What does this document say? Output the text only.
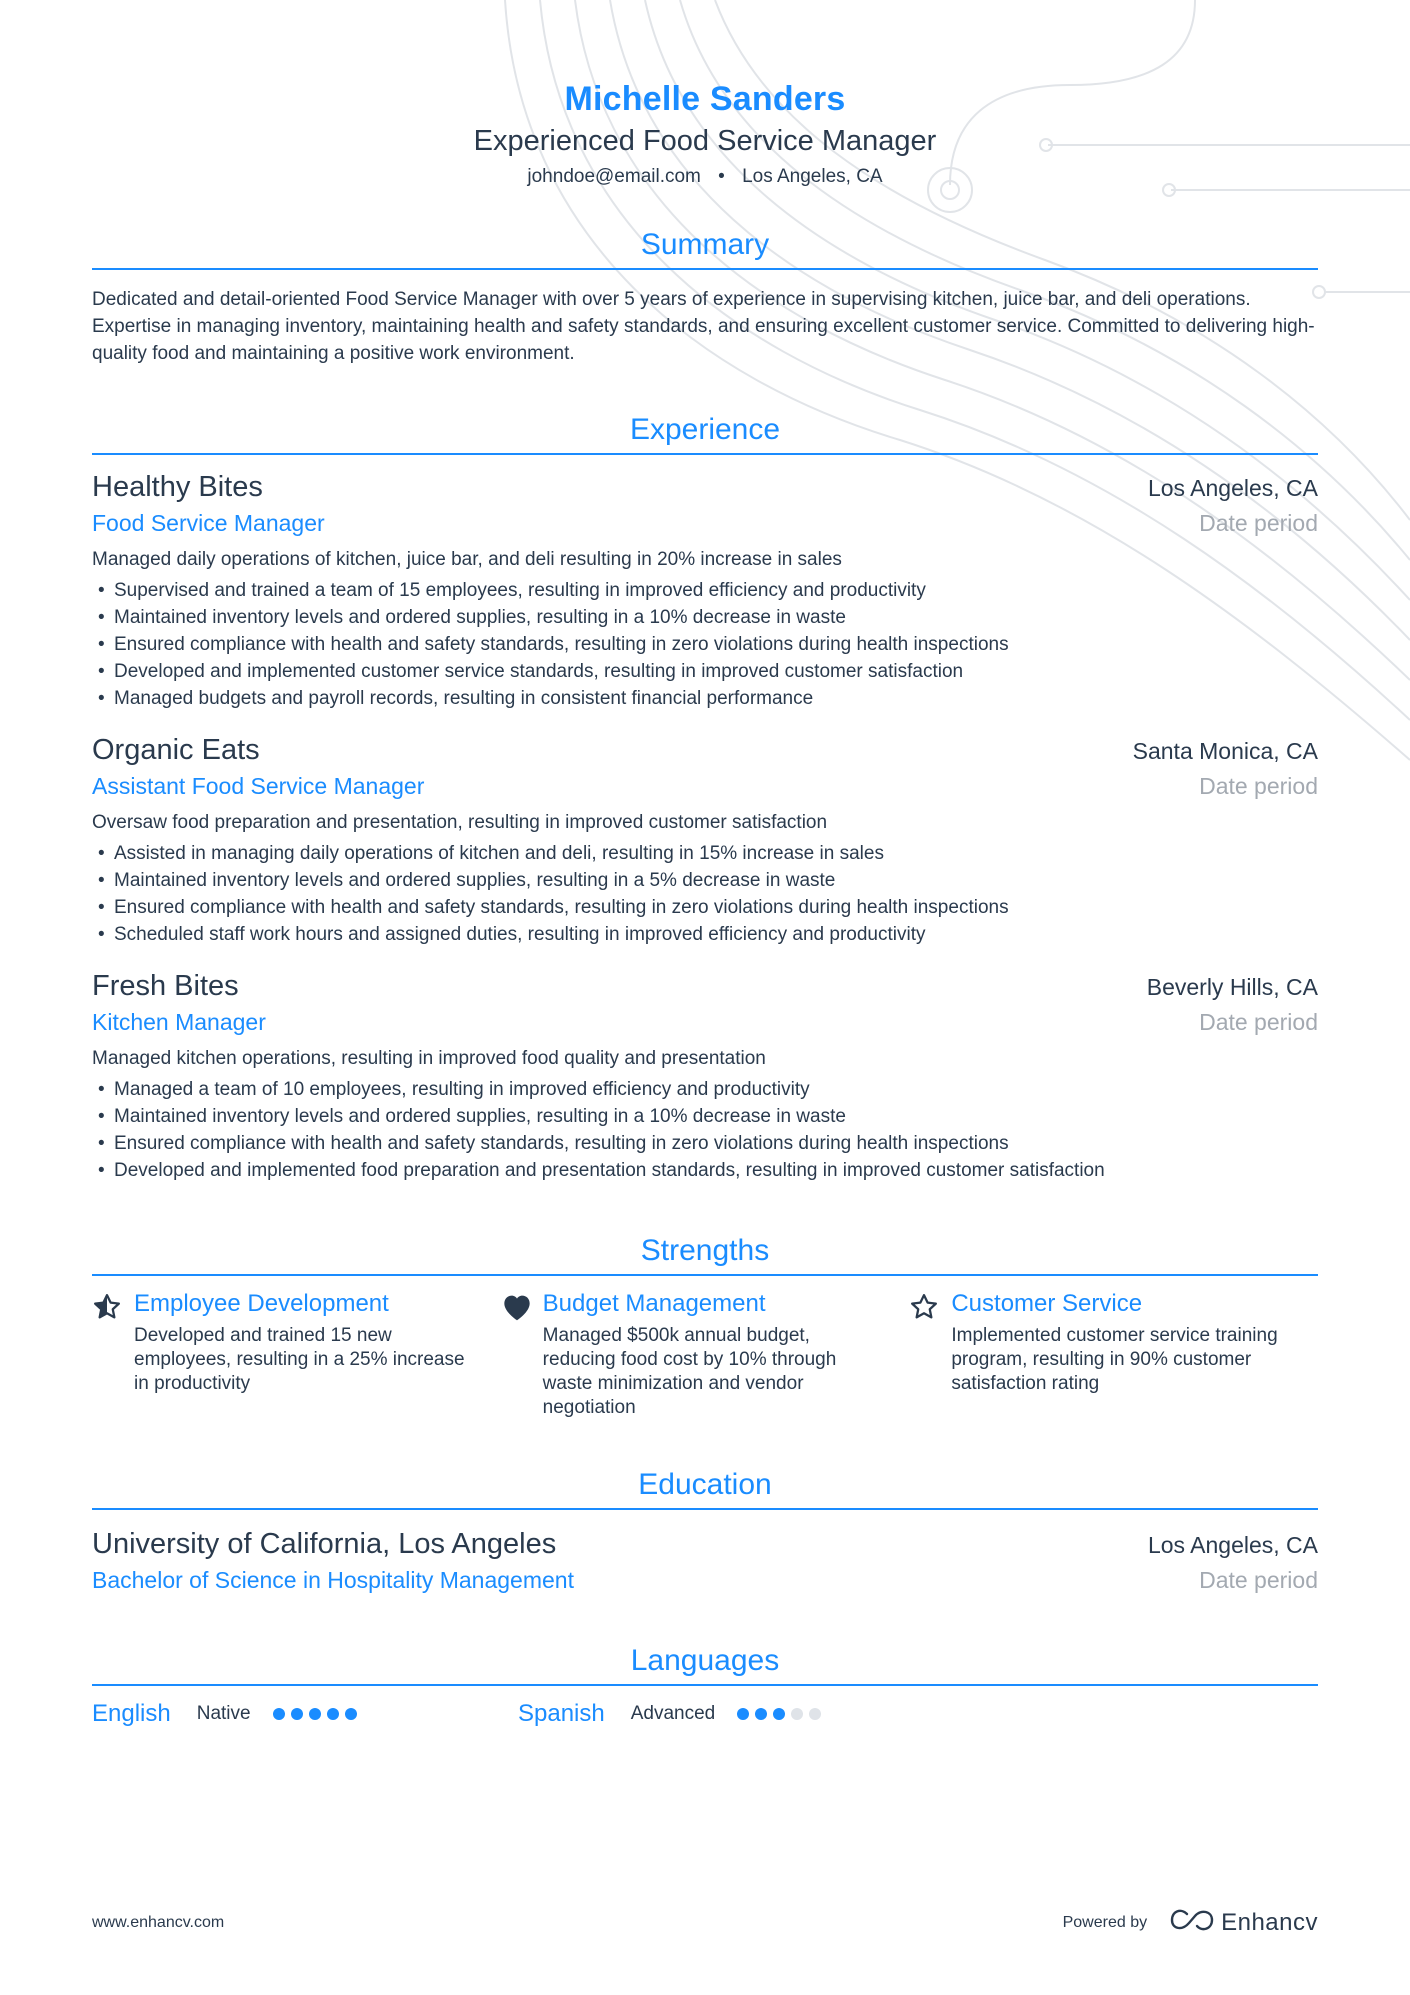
Michelle Sanders
Experienced Food Service Manager
johndoe@email.com • Los Angeles, CA
Summary
Dedicated and detail-oriented Food Service Manager with over 5 years of experience in supervising kitchen, juice bar, and deli operations. Expertise in managing inventory, maintaining health and safety standards, and ensuring excellent customer service. Committed to delivering high-quality food and maintaining a positive work environment.
Experience
Healthy Bites	Los Angeles, CA
Food Service Manager	Date period
Managed daily operations of kitchen, juice bar, and deli resulting in 20% increase in sales
• Supervised and trained a team of 15 employees, resulting in improved efficiency and productivity
• Maintained inventory levels and ordered supplies, resulting in a 10% decrease in waste
• Ensured compliance with health and safety standards, resulting in zero violations during health inspections
• Developed and implemented customer service standards, resulting in improved customer satisfaction
• Managed budgets and payroll records, resulting in consistent financial performance
Organic Eats	Santa Monica, CA
Assistant Food Service Manager	Date period
Oversaw food preparation and presentation, resulting in improved customer satisfaction
• Assisted in managing daily operations of kitchen and deli, resulting in 15% increase in sales
• Maintained inventory levels and ordered supplies, resulting in a 5% decrease in waste
• Ensured compliance with health and safety standards, resulting in zero violations during health inspections
• Scheduled staff work hours and assigned duties, resulting in improved efficiency and productivity
Fresh Bites	Beverly Hills, CA
Kitchen Manager	Date period
Managed kitchen operations, resulting in improved food quality and presentation
• Managed a team of 10 employees, resulting in improved efficiency and productivity
• Maintained inventory levels and ordered supplies, resulting in a 10% decrease in waste
• Ensured compliance with health and safety standards, resulting in zero violations during health inspections
• Developed and implemented food preparation and presentation standards, resulting in improved customer satisfaction
Strengths
Employee Development
Developed and trained 15 new employees, resulting in a 25% increase in productivity
Budget Management
Managed $500k annual budget, reducing food cost by 10% through waste minimization and vendor negotiation
Customer Service
Implemented customer service training program, resulting in 90% customer satisfaction rating
Education
University of California, Los Angeles	Los Angeles, CA
Bachelor of Science in Hospitality Management	Date period
Languages
English Native	Spanish Advanced
www.enhancv.com	Powered by	Enhancv
